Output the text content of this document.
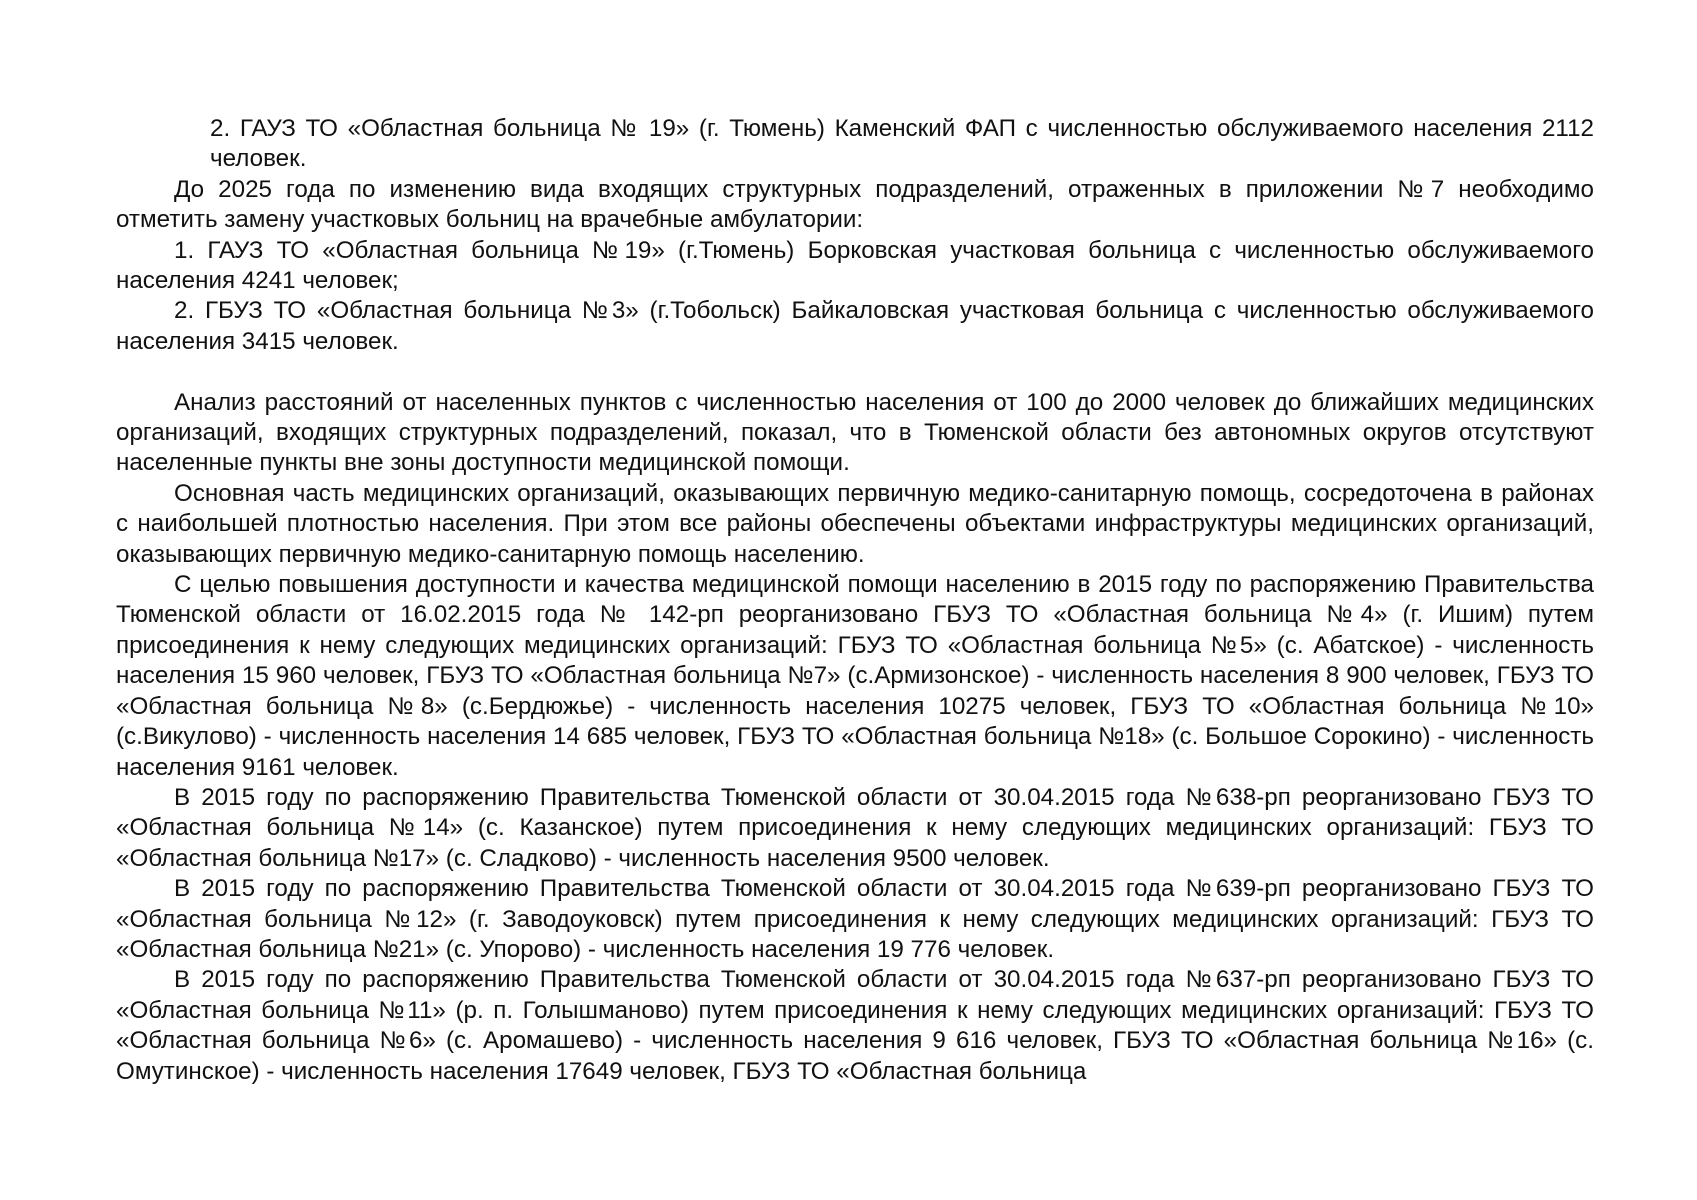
2. ГАУЗ ТО «Областная больница № 19» (г. Тюмень) Каменский ФАП с численностью обслуживаемого населения 2112 человек.

До 2025 года по изменению вида входящих структурных подразделений, отраженных в приложении №7 необходимо отметить замену участковых больниц на врачебные амбулатории:

1. ГАУЗ ТО «Областная больница №19» (г.Тюмень) Борковская участковая больница с численностью обслуживаемого населения 4241 человек;

2. ГБУЗ ТО «Областная больница №3» (г.Тобольск) Байкаловская участковая больница с численностью обслуживаемого населения 3415 человек.

Анализ расстояний от населенных пунктов с численностью населения от 100 до 2000 человек до ближайших медицинских организаций, входящих структурных подразделений, показал, что в Тюменской области без автономных округов отсутствуют населенные пункты вне зоны доступности медицинской помощи.

Основная часть медицинских организаций, оказывающих первичную медико-санитарную помощь, сосредоточена в районах с наибольшей плотностью населения. При этом все районы обеспечены объектами инфраструктуры медицинских организаций, оказывающих первичную медико-санитарную помощь населению.

С целью повышения доступности и качества медицинской помощи населению в 2015 году по распоряжению Правительства Тюменской области от 16.02.2015 года № 142-рп реорганизовано ГБУЗ ТО «Областная больница №4» (г. Ишим) путем присоединения к нему следующих медицинских организаций: ГБУЗ ТО «Областная больница №5» (с. Абатское) - численность населения 15 960 человек, ГБУЗ ТО «Областная больница №7» (с.Армизонское) - численность населения 8 900 человек, ГБУЗ ТО «Областная больница №8» (с.Бердюжье) - численность населения 10275 человек, ГБУЗ ТО «Областная больница №10» (с.Викулово) - численность населения 14 685 человек, ГБУЗ ТО «Областная больница №18» (с. Большое Сорокино) - численность населения 9161 человек.

В 2015 году по распоряжению Правительства Тюменской области от 30.04.2015 года №638-рп реорганизовано ГБУЗ ТО «Областная больница №14» (с. Казанское) путем присоединения к нему следующих медицинских организаций: ГБУЗ ТО «Областная больница №17» (с. Сладково) - численность населения 9500 человек.

В 2015 году по распоряжению Правительства Тюменской области от 30.04.2015 года №639-рп реорганизовано ГБУЗ ТО «Областная больница №12» (г. Заводоуковск) путем присоединения к нему следующих медицинских организаций: ГБУЗ ТО «Областная больница №21» (с. Упорово) - численность населения 19 776 человек.

В 2015 году по распоряжению Правительства Тюменской области от 30.04.2015 года №637-рп реорганизовано ГБУЗ ТО «Областная больница №11» (р. п. Голышманово) путем присоединения к нему следующих медицинских организаций: ГБУЗ ТО «Областная больница №6» (с. Аромашево) - численность населения 9 616 человек, ГБУЗ ТО «Областная больница №16» (с. Омутинское) - численность населения 17649 человек, ГБУЗ ТО «Областная больница
